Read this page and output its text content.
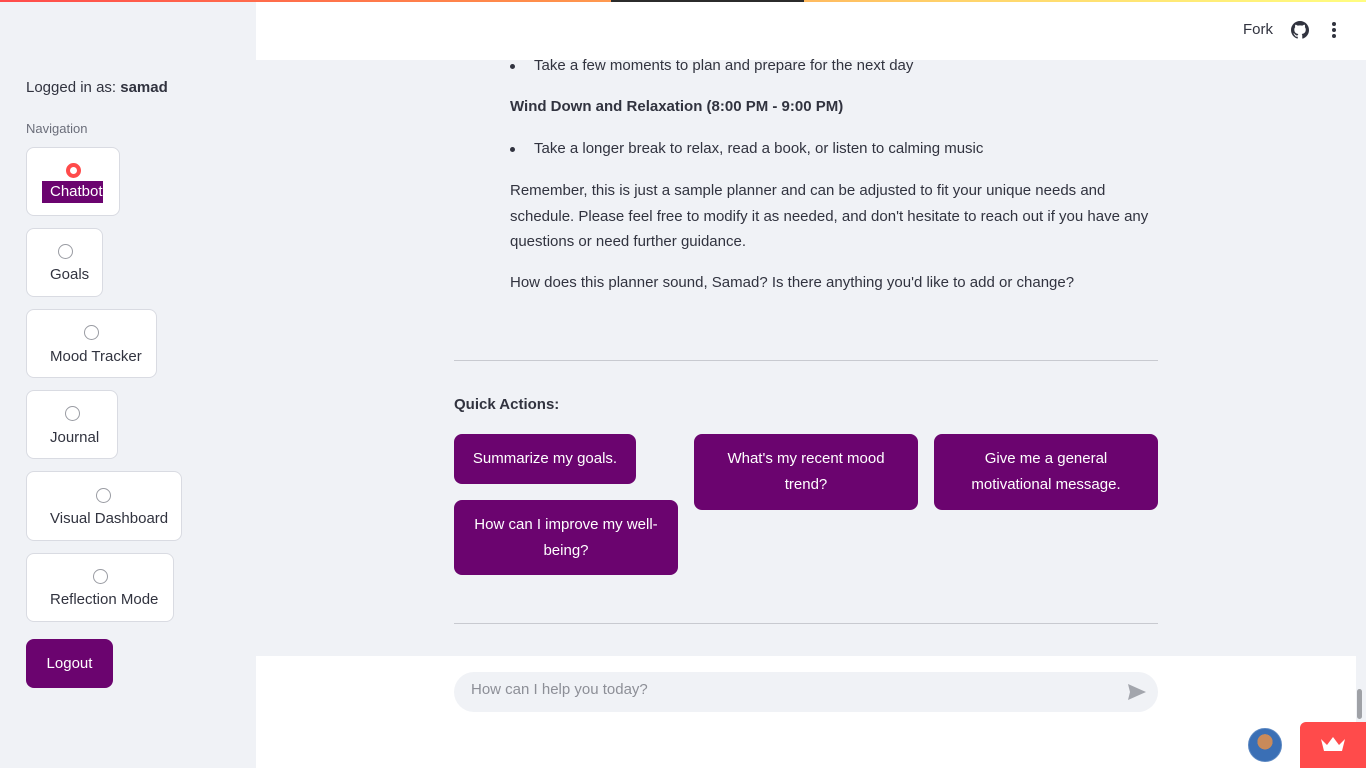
Logged in as: samad
Navigation
Chatbot
Goals
Mood Tracker
Journal
Visual Dashboard
Reflection Mode
Logout
Fork
Take a few moments to plan and prepare for the next day
Wind Down and Relaxation (8:00 PM - 9:00 PM)
Take a longer break to relax, read a book, or listen to calming music
Remember, this is just a sample planner and can be adjusted to fit your unique needs and schedule. Please feel free to modify it as needed, and don't hesitate to reach out if you have any questions or need further guidance.
How does this planner sound, Samad? Is there anything you'd like to add or change?
Quick Actions:
Summarize my goals.	What's my recent mood trend?
Give me a general motivational message.
How can I improve my well-being?
How can I help you today?
